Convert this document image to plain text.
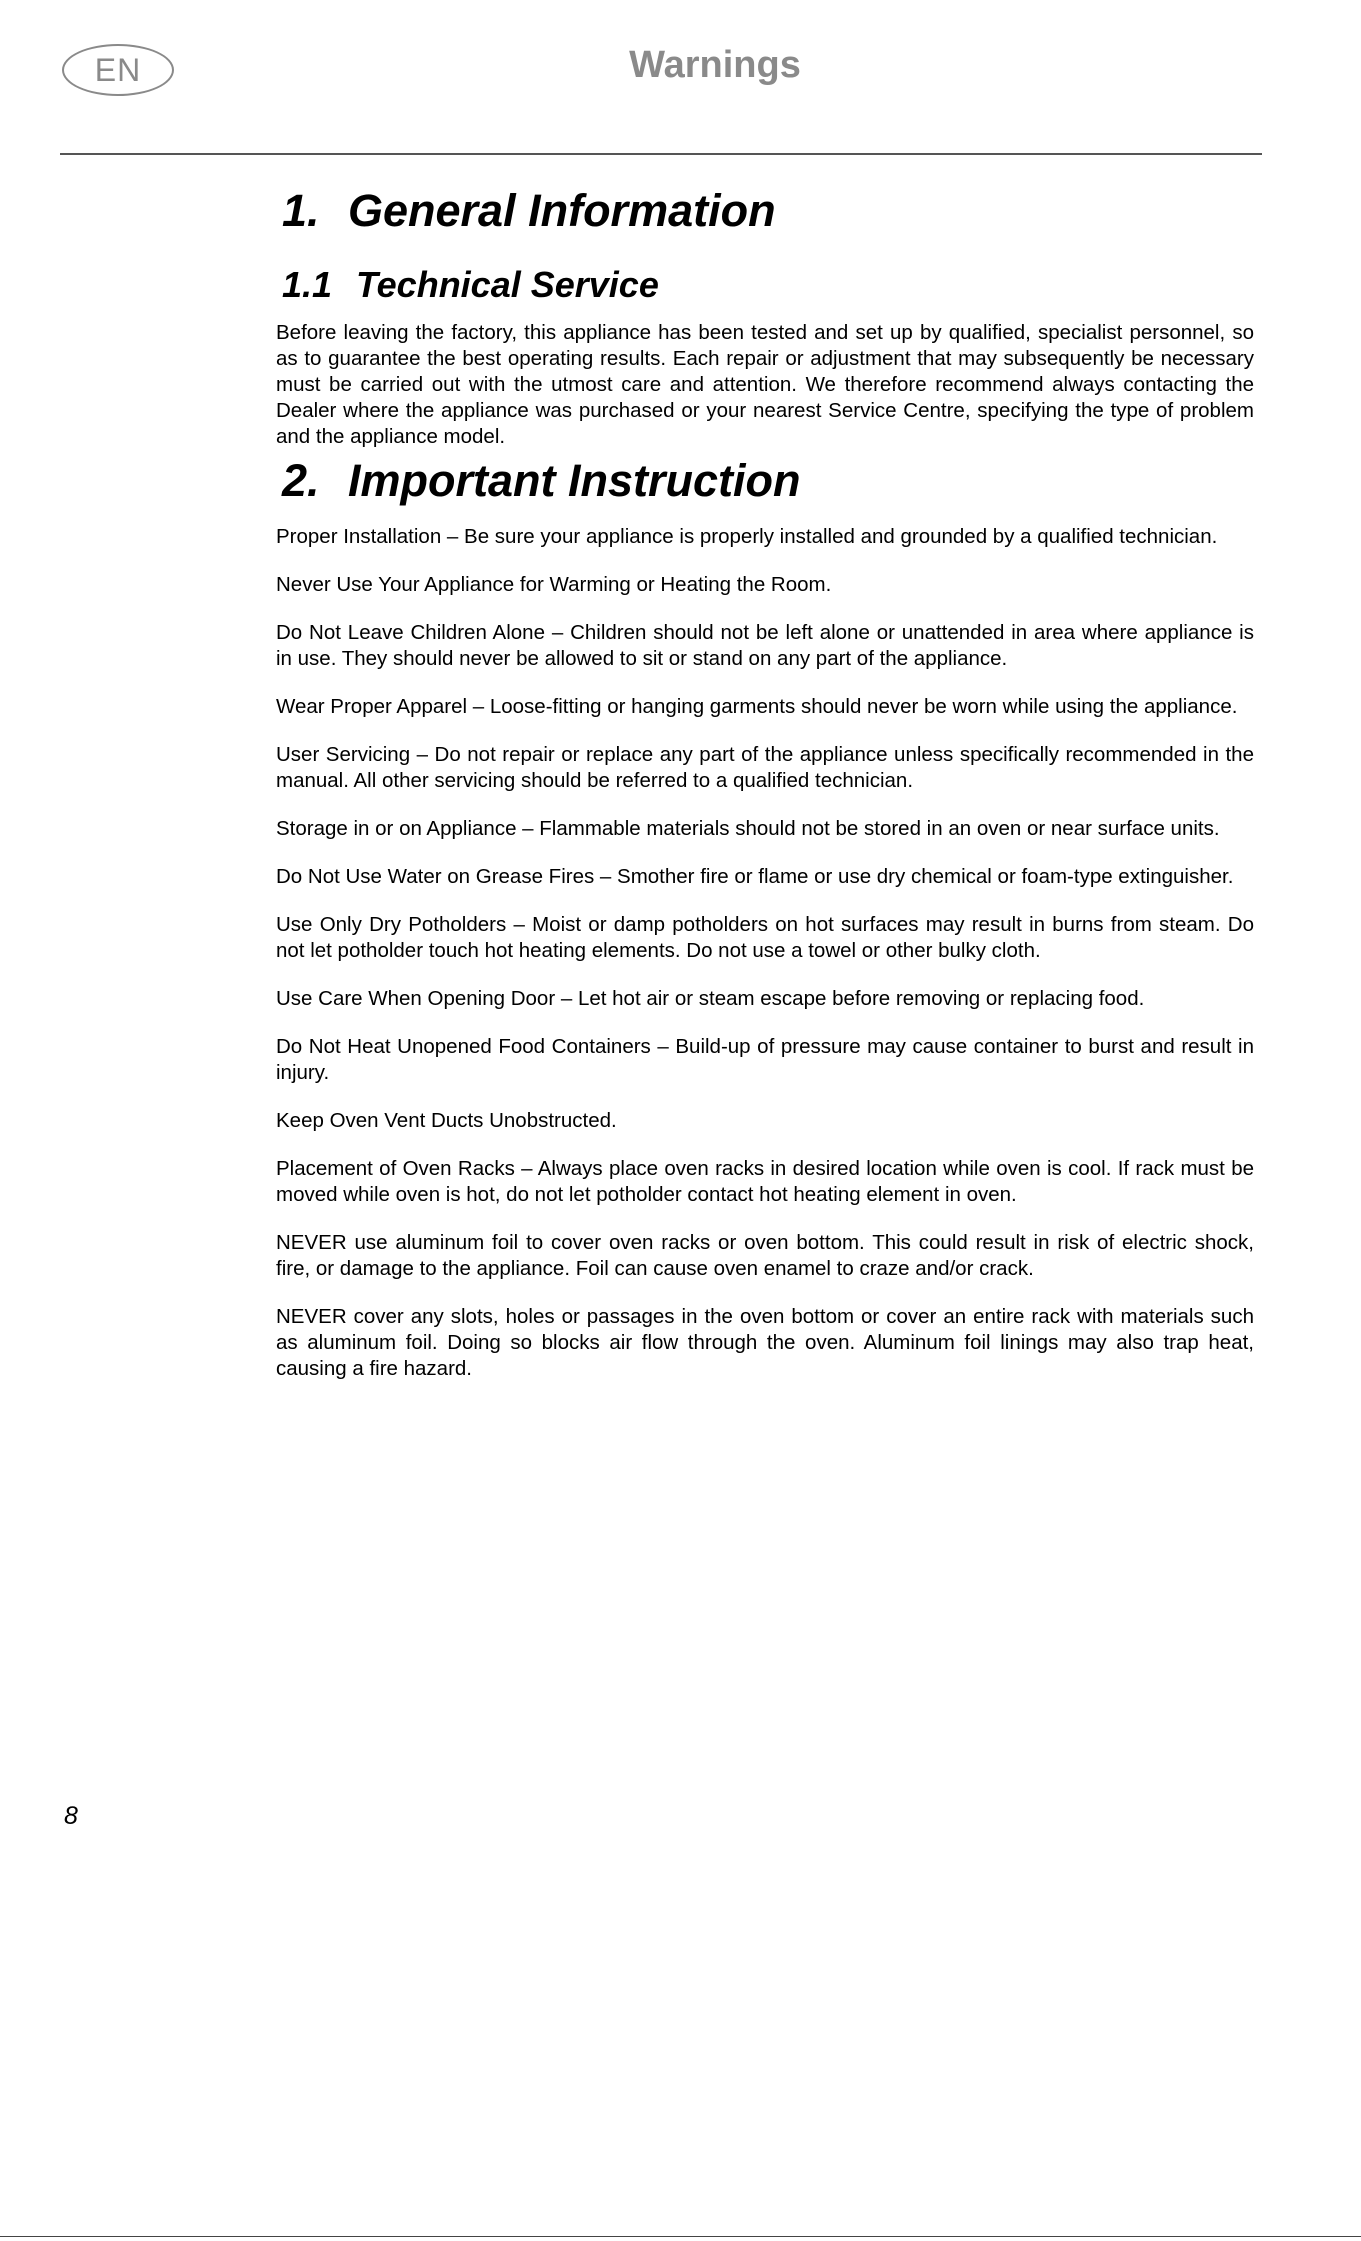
EN	Warnings
1. General Information
1.1 Technical Service

Before leaving the factory, this appliance has been tested and set up by qualified, specialist personnel, so as to guarantee the best operating results. Each repair or adjustment that may subsequently be necessary must be carried out with the utmost care and attention. We therefore recommend always contacting the Dealer where the appliance was purchased or your nearest Service Centre, specifying the type of problem and the appliance model.

2. Important Instruction

Proper Installation – Be sure your appliance is properly installed and grounded by a qualified technician.

Never Use Your Appliance for Warming or Heating the Room.

Do Not Leave Children Alone – Children should not be left alone or unattended in area where appliance is in use. They should never be allowed to sit or stand on any part of the appliance.

Wear Proper Apparel – Loose-fitting or hanging garments should never be worn while using the appliance.

User Servicing – Do not repair or replace any part of the appliance unless specifically recommended in the manual. All other servicing should be referred to a qualified technician.

Storage in or on Appliance – Flammable materials should not be stored in an oven or near surface units.

Do Not Use Water on Grease Fires – Smother fire or flame or use dry chemical or foam-type extinguisher.

Use Only Dry Potholders – Moist or damp potholders on hot surfaces may result in burns from steam. Do not let potholder touch hot heating elements. Do not use a towel or other bulky cloth.

Use Care When Opening Door – Let hot air or steam escape before removing or replacing food.

Do Not Heat Unopened Food Containers – Build-up of pressure may cause container to burst and result in injury.

Keep Oven Vent Ducts Unobstructed.

Placement of Oven Racks – Always place oven racks in desired location while oven is cool. If rack must be moved while oven is hot, do not let potholder contact hot heating element in oven.

NEVER use aluminum foil to cover oven racks or oven bottom. This could result in risk of electric shock, fire, or damage to the appliance. Foil can cause oven enamel to craze and/or crack.

NEVER cover any slots, holes or passages in the oven bottom or cover an entire rack with materials such as aluminum foil. Doing so blocks air flow through the oven. Aluminum foil linings may also trap heat, causing a fire hazard.

8
